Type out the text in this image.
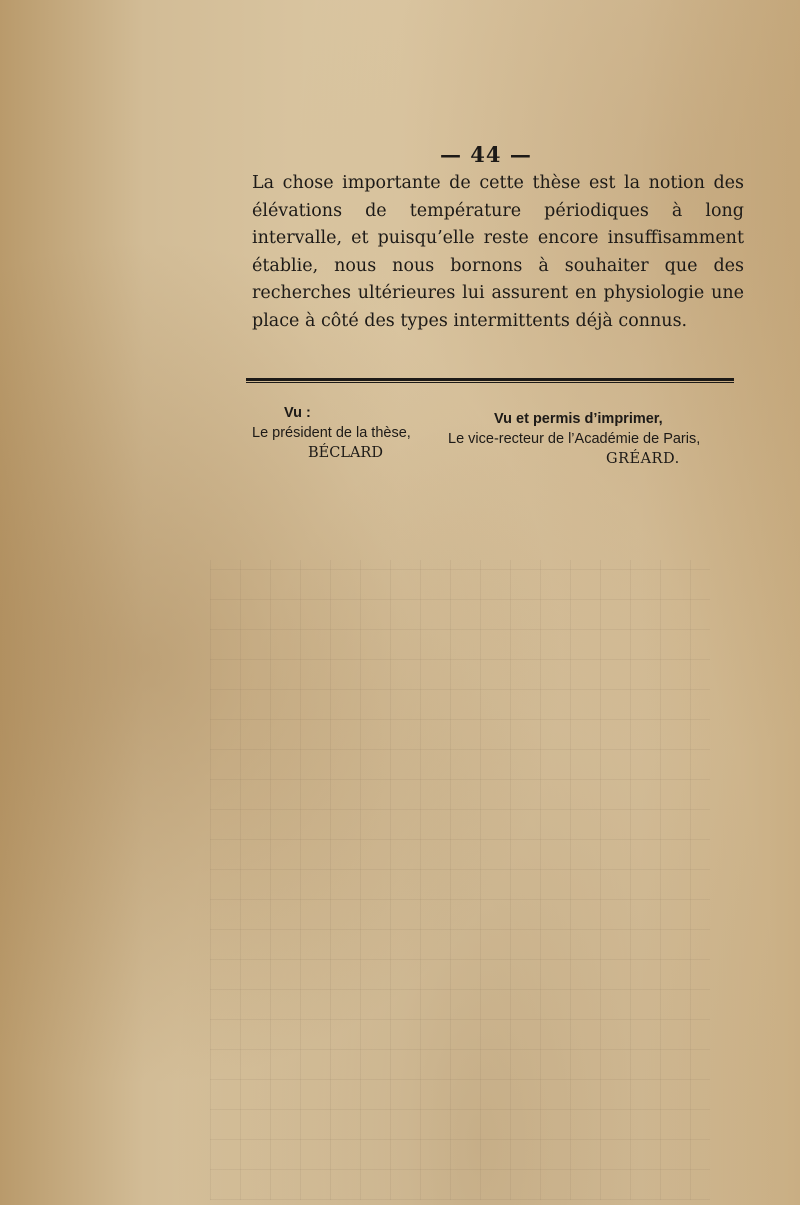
— 44 —

La chose importante de cette thèse est la notion des élévations de température périodiques à long intervalle, et puisqu’elle reste encore insuffisamment établie, nous nous bornons à souhaiter que des recherches ultérieures lui assurent en physiologie une place à côté des types intermittents déjà connus.

Vu :
Le président de la thèse,
BÉCLARD
Vu et permis d’imprimer,
Le vice-recteur de l’Académie de Paris,
GRÉARD.
